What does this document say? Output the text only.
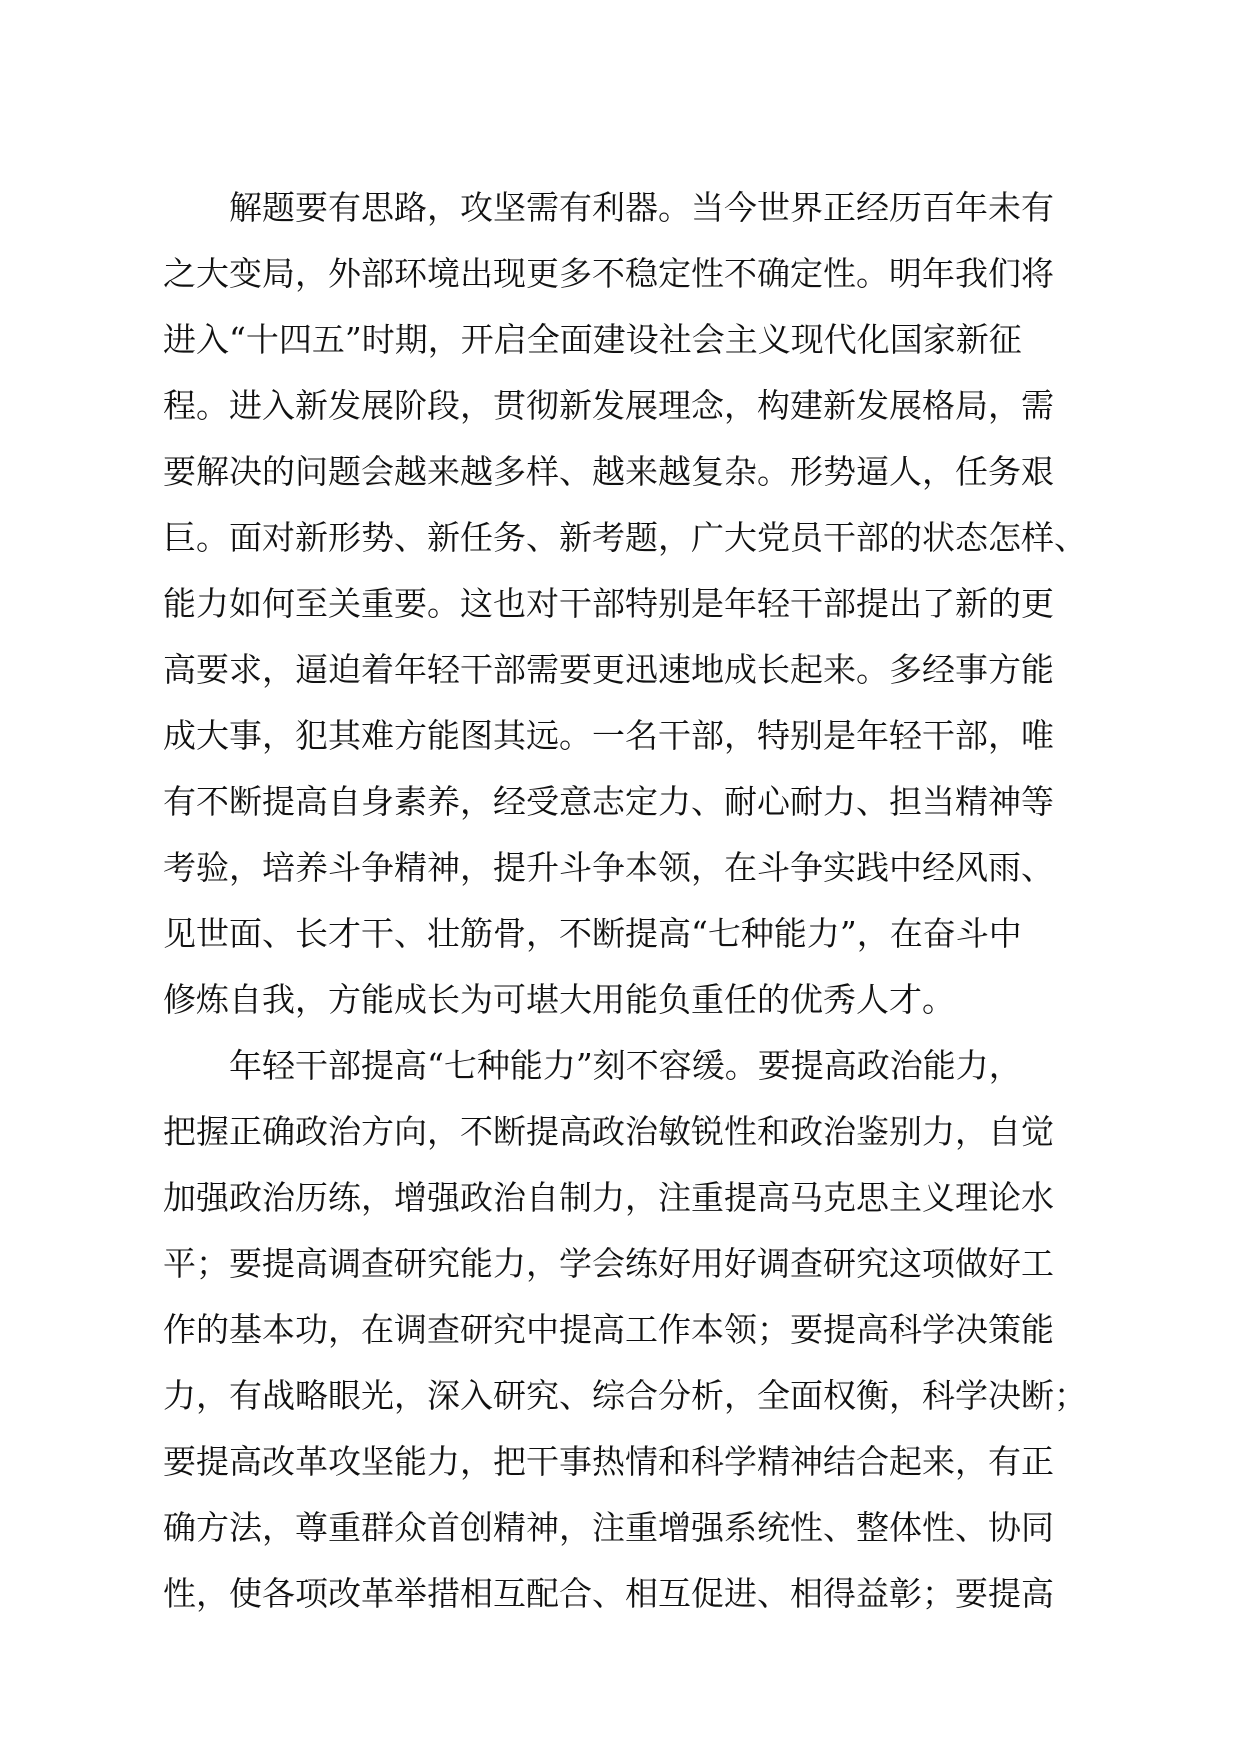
解题要有思路，攻坚需有利器。当今世界正经历百年未有
之大变局，外部环境出现更多不稳定性不确定性。明年我们将
进入“十四五”时期，开启全面建设社会主义现代化国家新征
程。进入新发展阶段，贯彻新发展理念，构建新发展格局，需
要解决的问题会越来越多样、越来越复杂。形势逼人，任务艰
巨。面对新形势、新任务、新考题，广大党员干部的状态怎样、
能力如何至关重要。这也对干部特别是年轻干部提出了新的更
高要求，逼迫着年轻干部需要更迅速地成长起来。多经事方能
成大事，犯其难方能图其远。一名干部，特别是年轻干部，唯
有不断提高自身素养，经受意志定力、耐心耐力、担当精神等
考验，培养斗争精神，提升斗争本领，在斗争实践中经风雨、
见世面、长才干、壮筋骨，不断提高“七种能力”，在奋斗中
修炼自我，方能成长为可堪大用能负重任的优秀人才。
年轻干部提高“七种能力”刻不容缓。要提高政治能力，
把握正确政治方向，不断提高政治敏锐性和政治鉴别力，自觉
加强政治历练，增强政治自制力，注重提高马克思主义理论水
平；要提高调查研究能力，学会练好用好调查研究这项做好工
作的基本功，在调查研究中提高工作本领；要提高科学决策能
力，有战略眼光，深入研究、综合分析，全面权衡，科学决断；
要提高改革攻坚能力，把干事热情和科学精神结合起来，有正
确方法，尊重群众首创精神，注重增强系统性、整体性、协同
性，使各项改革举措相互配合、相互促进、相得益彰；要提高
